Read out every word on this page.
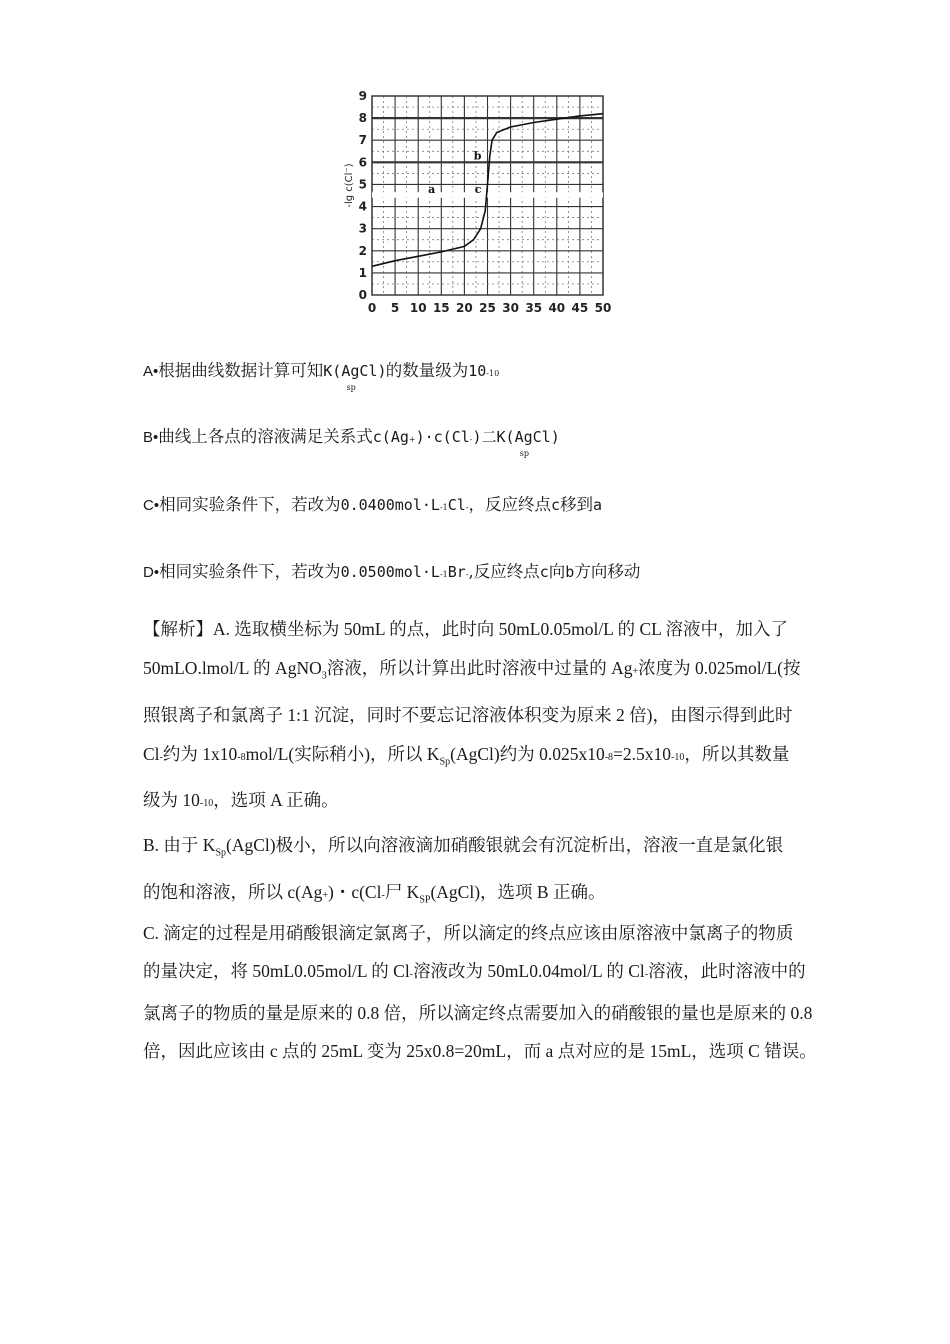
0 5 10 15 20 25 30 35 40 45 50
0
1
2
3
4
5
6
7
8
9
-lg c(Cl⁻)	a
b
c
A•根据曲线数据计算可知$K(AgCl)_{sp}$的数量级为10-10
B•曲线上各点的溶液满足关系式c(Ag+)·c(Cl-)二$K(AgCl)_{sp}$
C•相同实验条件下，若改为0.0400mol·L-1Cl-，反应终点c移到a
D•相同实验条件下，若改为0.0500mol·L-1Br-,反应终点c向b方向移动
【解析】A. 选取横坐标为 50mL 的点，此时向 50mL0.05mol/L 的 CL 溶液中，加入了
50mLO.lmol/L 的 AgNO$_3$溶液，所以计算出此时溶液中过量的 Ag+浓度为 0.025mol/L(按
照银离子和氯离子 1:1 沉淀，同时不要忘记溶液体积变为原来 2 倍)，由图示得到此时
Cl-约为 1x10-8mol/L(实际稍小)，所以 $K_{Sp}(AgCl)$约为 0.025x10-8=2.5x10-10，所以其数量
级为 10-10，选项 A 正确。
B. 由于 $K_{Sp}(AgCl)$极小，所以向溶液滴加硝酸银就会有沉淀析出，溶液一直是氯化银
的饱和溶液，所以 c(Ag+)・c(Cl-尸 $K_{SP}(AgCl)$，选项 B 正确。
C. 滴定的过程是用硝酸银滴定氯离子，所以滴定的终点应该由原溶液中氯离子的物质
的量决定，将 50mL0.05mol/L 的 Cl-溶液改为 50mL0.04mol/L 的 Cl-溶液，此时溶液中的
氯离子的物质的量是原来的 0.8 倍，所以滴定终点需要加入的硝酸银的量也是原来的 0.8
倍，因此应该由 c 点的 25mL 变为 25x0.8=20mL，而 a 点对应的是 15mL，选项 C 错误。
